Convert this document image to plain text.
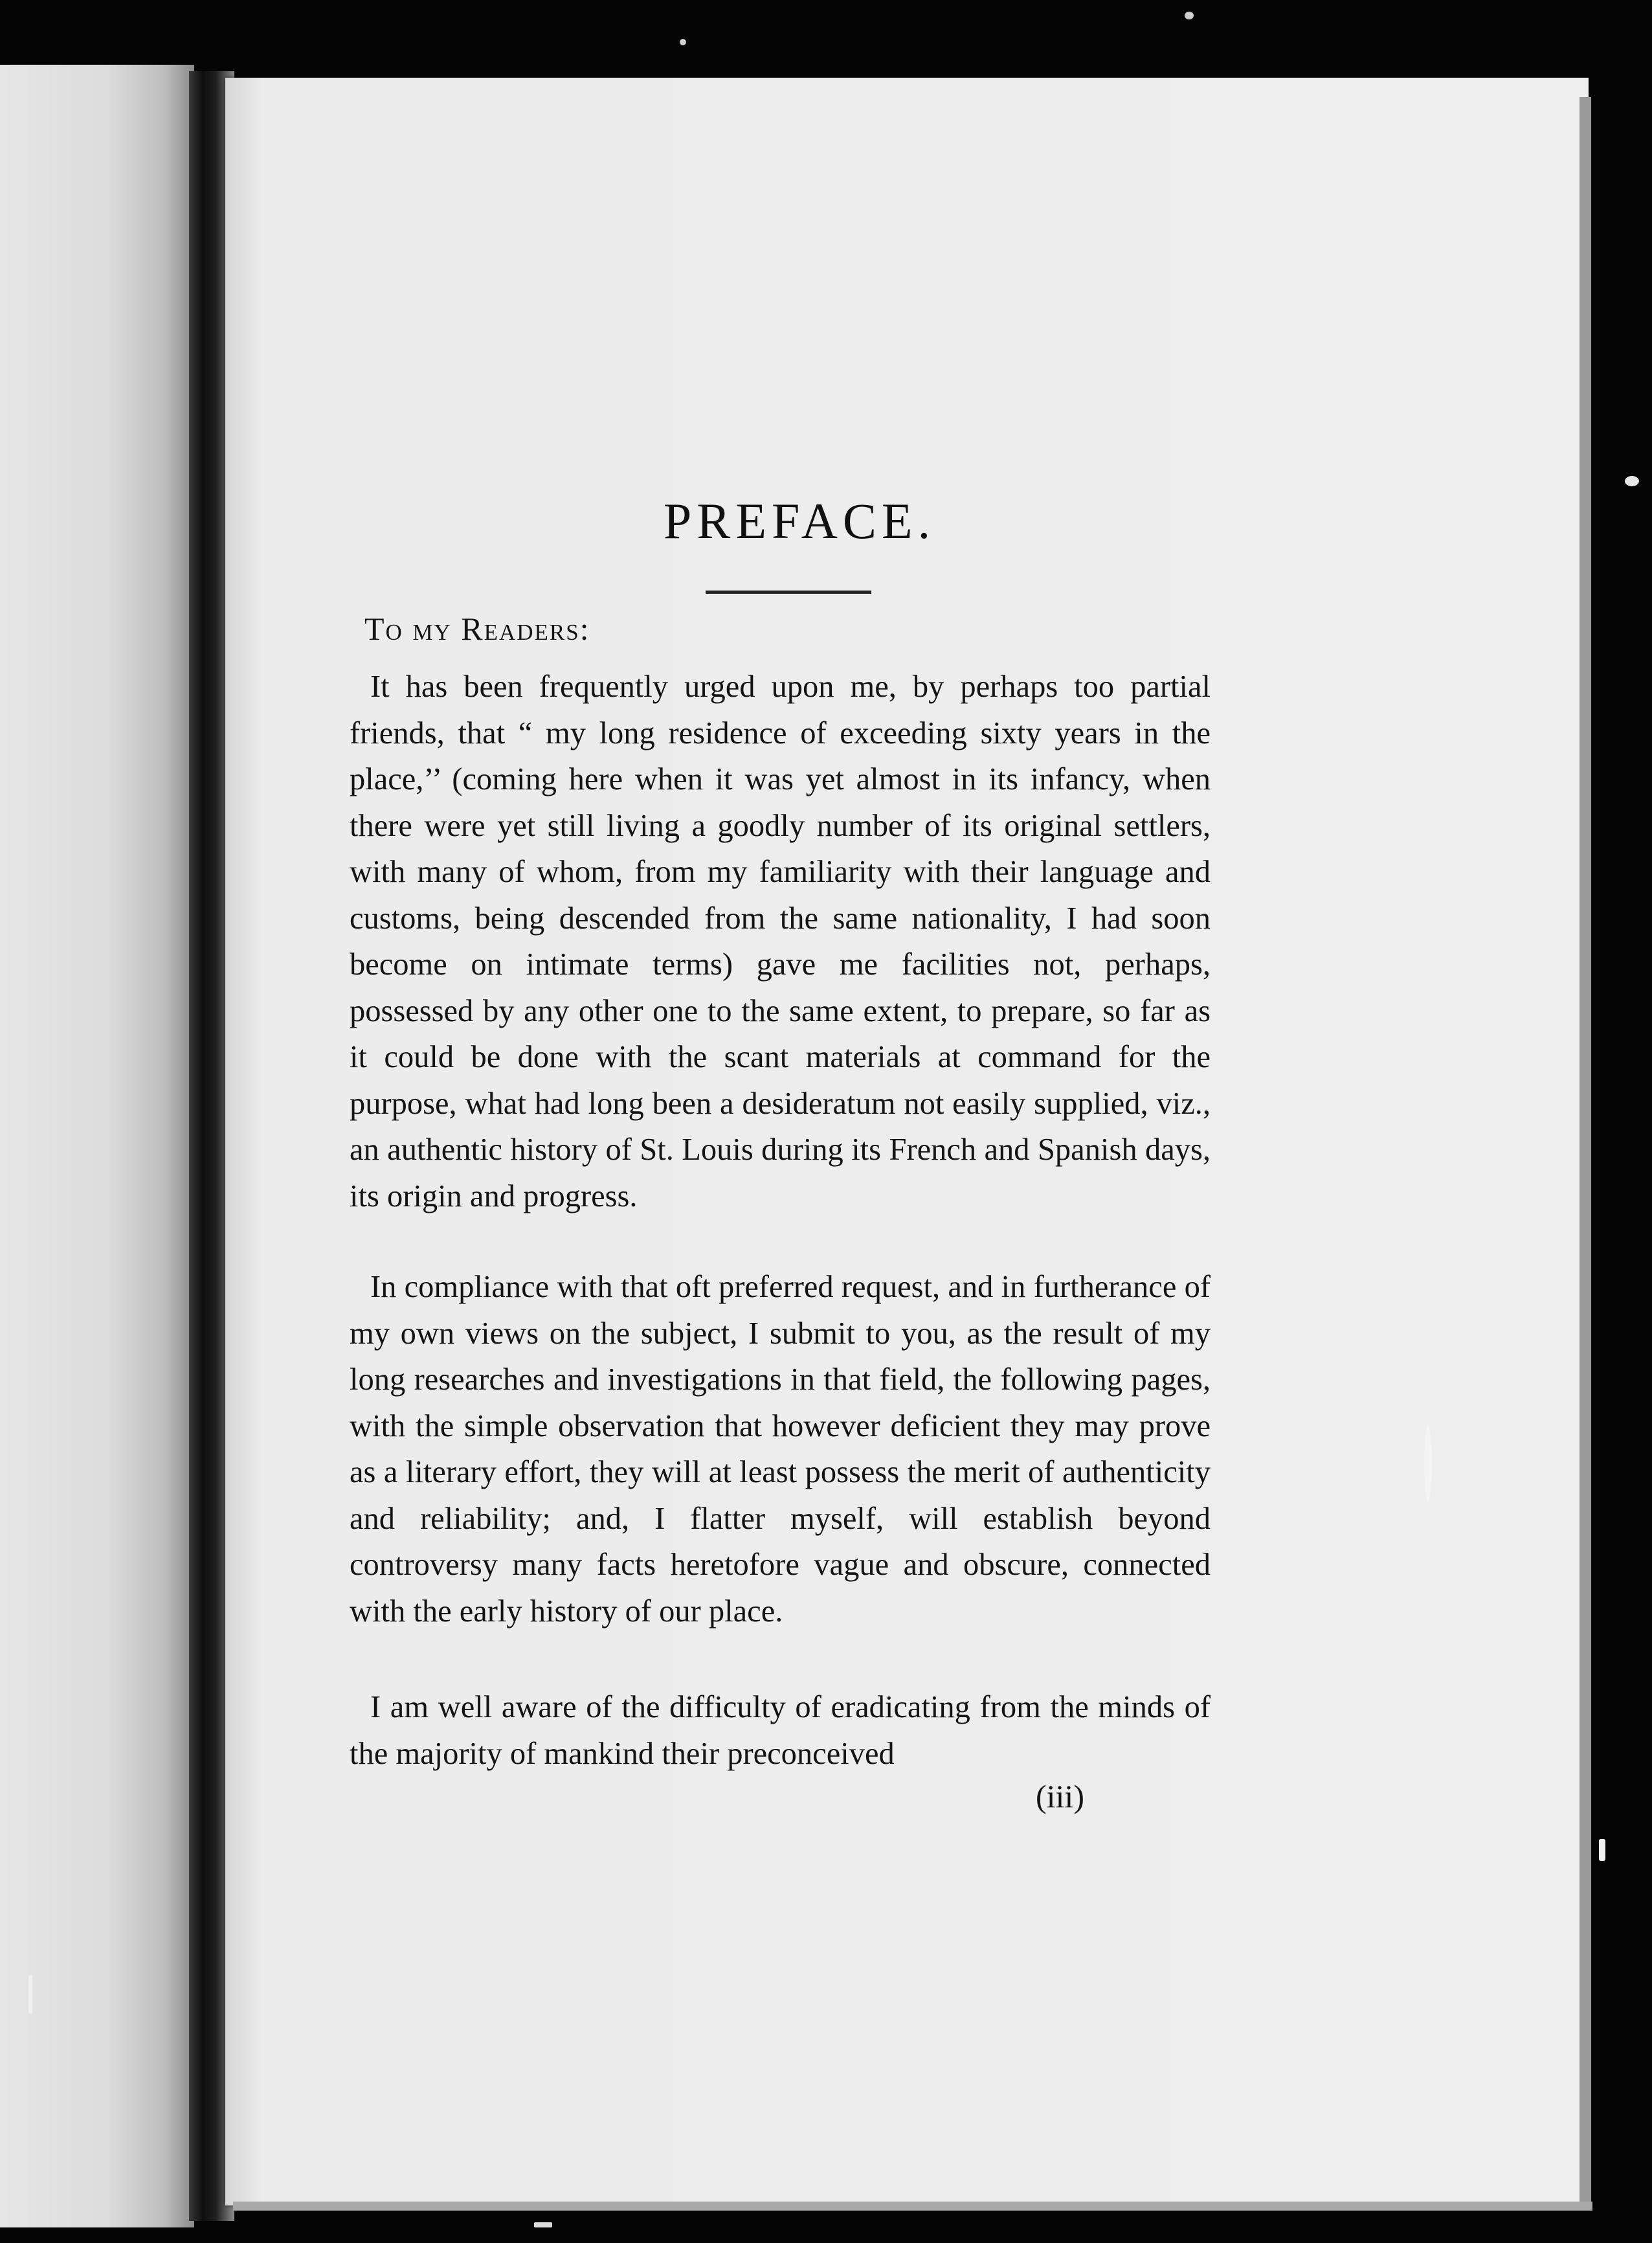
PREFACE.
To my Readers:

It has been frequently urged upon me, by perhaps too partial friends, that “ my long residence of exceeding sixty years in the place,’’ (coming here when it was yet almost in its infancy, when there were yet still living a goodly number of its original settlers, with many of whom, from my familiarity with their language and customs, being descended from the same nationality, I had soon become on intimate terms) gave me facilities not, perhaps, possessed by any other one to the same extent, to prepare, so far as it could be done with the scant materials at command for the purpose, what had long been a desideratum not easily supplied, viz., an authentic history of St. Louis during its French and Spanish days, its origin and progress.

In compliance with that oft preferred request, and in furtherance of my own views on the subject, I submit to you, as the result of my long researches and investigations in that field, the following pages, with the simple observation that however deficient they may prove as a literary effort, they will at least possess the merit of authenticity and reliability; and, I flatter myself, will establish beyond controversy many facts heretofore vague and obscure, connected with the early history of our place.

I am well aware of the difficulty of eradicating from the minds of the majority of mankind their preconceived

(iii)
